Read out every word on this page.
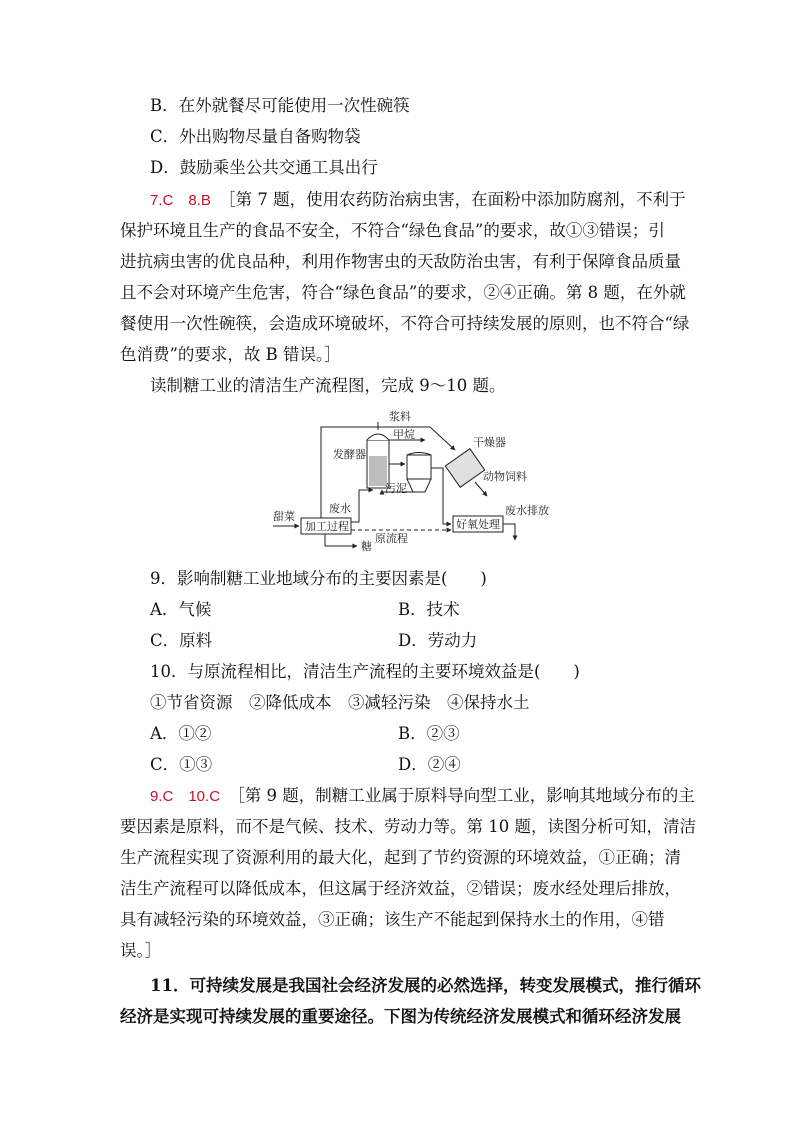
B．在外就餐尽可能使用一次性碗筷
C．外出购物尽量自备购物袋
D．鼓励乘坐公共交通工具出行
7.C　8.B　 ［第 7 题，使用农药防治病虫害，在面粉中添加防腐剂，不利于
保护环境且生产的食品不安全，不符合“绿色食品”的要求，故①③错误；引
进抗病虫害的优良品种，利用作物害虫的天敌防治虫害，有利于保障食品质量
且不会对环境产生危害，符合“绿色食品”的要求，②④正确。第 8 题，在外就
餐使用一次性碗筷，会造成环境破坏，不符合可持续发展的原则，也不符合“绿
色消费”的要求，故 B 错误。］
读制糖工业的清洁生产流程图，完成 9～10 题。
浆料
发酵器
甲烷
污泥
干燥器
动物饲料
加工过程
甜菜
废水
糖
原流程
好氧处理
废水排放
9．影响制糖工业地域分布的主要因素是(　　)
A．气候	B．技术
C．原料	D．劳动力
10．与原流程相比，清洁生产流程的主要环境效益是(　　)
①节省资源　②降低成本　③减轻污染　④保持水土
A．①②	B．②③
C．①③	D．②④
9.C　10.C　 ［第 9 题，制糖工业属于原料导向型工业，影响其地域分布的主
要因素是原料，而不是气候、技术、劳动力等。第 10 题，读图分析可知，清洁
生产流程实现了资源利用的最大化，起到了节约资源的环境效益，①正确；清
洁生产流程可以降低成本，但这属于经济效益，②错误；废水经处理后排放，
具有减轻污染的环境效益，③正确；该生产不能起到保持水土的作用，④错
误。］
11．可持续发展是我国社会经济发展的必然选择，转变发展模式，推行循环
经济是实现可持续发展的重要途径。下图为传统经济发展模式和循环经济发展
